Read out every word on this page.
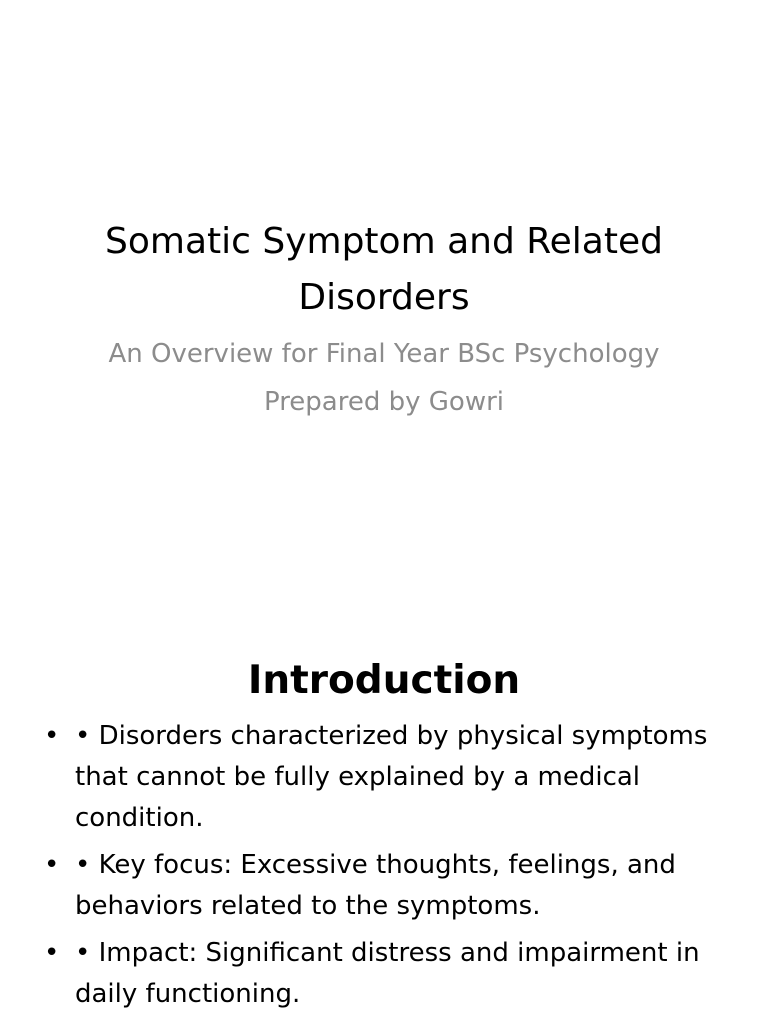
Somatic Symptom and Related Disorders

An Overview for Final Year BSc Psychology

Prepared by Gowri

Introduction
• • Disorders characterized by physical symptoms that cannot be fully explained by a medical condition.
• • Key focus: Excessive thoughts, feelings, and behaviors related to the symptoms.
• • Impact: Significant distress and impairment in daily functioning.
